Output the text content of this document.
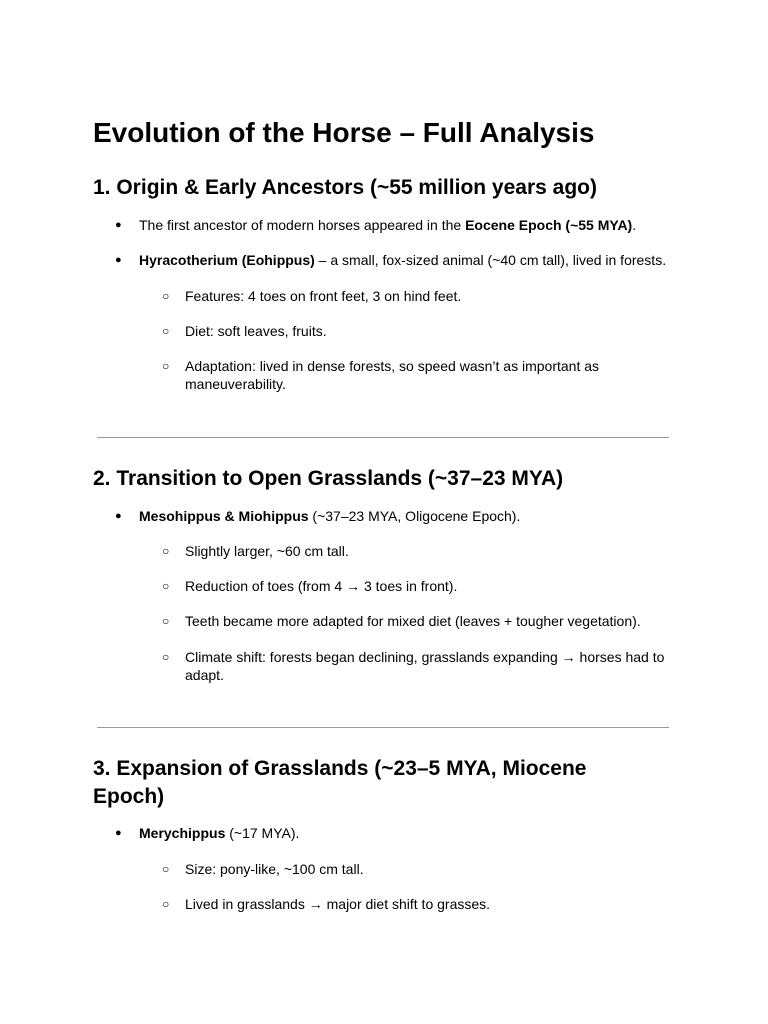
Evolution of the Horse – Full Analysis
1. Origin & Early Ancestors (~55 million years ago)
● The first ancestor of modern horses appeared in the Eocene Epoch (~55 MYA).
● Hyracotherium (Eohippus) – a small, fox-sized animal (~40 cm tall), lived in forests.
○ Features: 4 toes on front feet, 3 on hind feet.
○ Diet: soft leaves, fruits.
○ Adaptation: lived in dense forests, so speed wasn’t as important as maneuverability.
2. Transition to Open Grasslands (~37–23 MYA)
● Mesohippus & Miohippus (~37–23 MYA, Oligocene Epoch).
○ Slightly larger, ~60 cm tall.
○ Reduction of toes (from 4 → 3 toes in front).
○ Teeth became more adapted for mixed diet (leaves + tougher vegetation).
○ Climate shift: forests began declining, grasslands expanding → horses had to adapt.
3. Expansion of Grasslands (~23–5 MYA, Miocene Epoch)
● Merychippus (~17 MYA).
○ Size: pony-like, ~100 cm tall.
○ Lived in grasslands → major diet shift to grasses.
